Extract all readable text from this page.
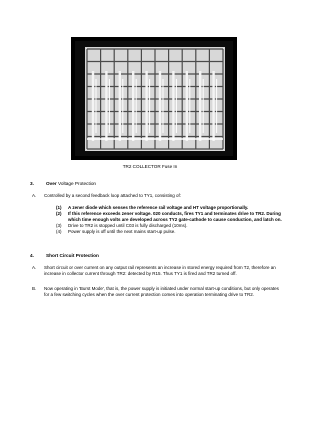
TR2 COLLECTOR Fuse In
3.	Over Voltage Protection
A. Controlled by a second feedback loop attached to TY1, consisting of:
(1) A zener diode which senses the reference rail voltage and HT voltage proportionally.
(2) If this reference exceeds zener voltage. 020 conducts, fires TY1 and terminates drive to TR2. During which time enough volts are developed across TY2 gate-cathode to cause conduction, and latch on.
(3) Drive to TR2 is stopped until C03 is fully discharged (10ms).
(4) Power supply is off until the next mains start-up pulse.
4.	Short Circuit Protection
A. Short circuit or over current on any output rail represents an increase in stored energy required from T2, therefore an increase in collector current through TR2: detected by R15. Thus TY1 is fired and TR2 turned off.
B. Now operating in 'Burst Mode', that is, the power supply is initiated under normal start-up conditions, but only operates for a few switching cycles when the over current protection comes into operation terminating drive to TR2.
